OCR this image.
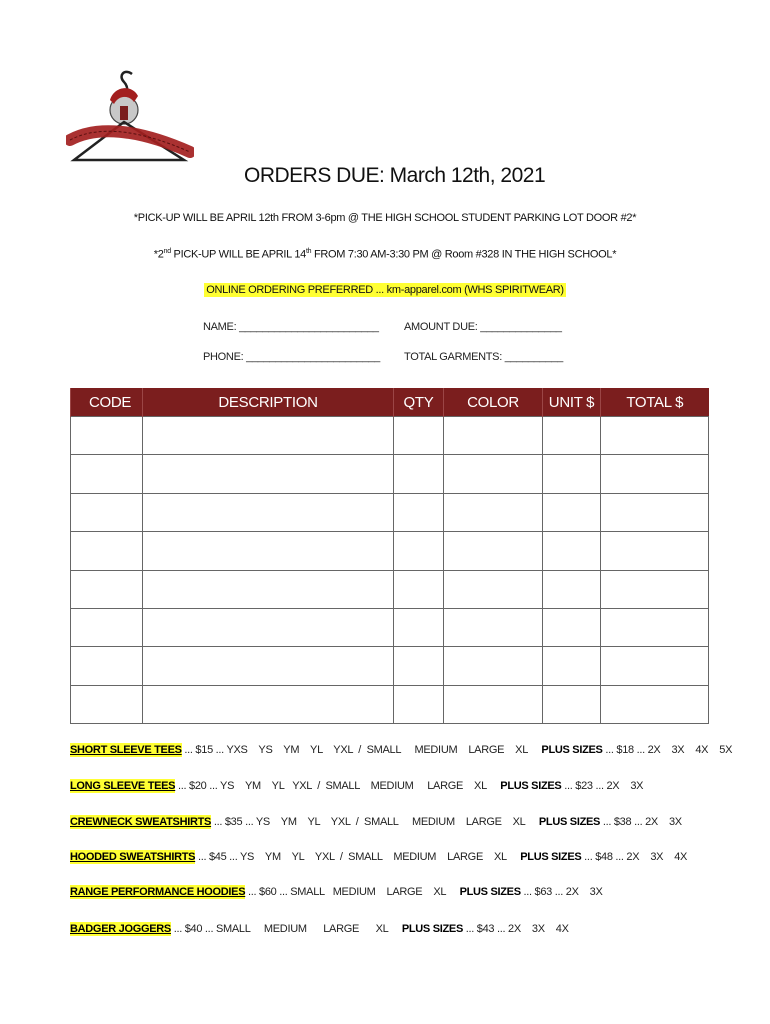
ORDERS DUE: March 12th, 2021
*PICK-UP WILL BE APRIL 12th FROM 3-6pm @ THE HIGH SCHOOL STUDENT PARKING LOT DOOR #2*
*2nd PICK-UP WILL BE APRIL 14th FROM 7:30 AM-3:30 PM @ Room #328 IN THE HIGH SCHOOL*
ONLINE ORDERING PREFERRED ... km-apparel.com (WHS SPIRITWEAR)
NAME: ________________________ AMOUNT DUE: ______________
PHONE: _______________________ TOTAL GARMENTS: __________
CODE	DESCRIPTION	QTY	COLOR	UNIT $	TOTAL $

SHORT SLEEVE TEES ... $15 ... YXS    YS    YM    YL    YXL  /  SMALL     MEDIUM    LARGE    XL     PLUS SIZES ... $18 ... 2X    3X    4X    5X
LONG SLEEVE TEES ... $20 ... YS    YM    YL   YXL  /  SMALL    MEDIUM     LARGE    XL     PLUS SIZES ... $23 ... 2X    3X
CREWNECK SWEATSHIRTS ... $35 ... YS    YM    YL    YXL  /  SMALL     MEDIUM    LARGE    XL     PLUS SIZES ... $38 ... 2X    3X
HOODED SWEATSHIRTS ... $45 ... YS    YM    YL    YXL  /  SMALL    MEDIUM    LARGE    XL     PLUS SIZES ... $48 ... 2X    3X    4X
RANGE PERFORMANCE HOODIES ... $60 ... SMALL   MEDIUM    LARGE    XL     PLUS SIZES ... $63 ... 2X    3X
BADGER JOGGERS ... $40 ... SMALL     MEDIUM      LARGE      XL     PLUS SIZES ... $43 ... 2X    3X    4X
